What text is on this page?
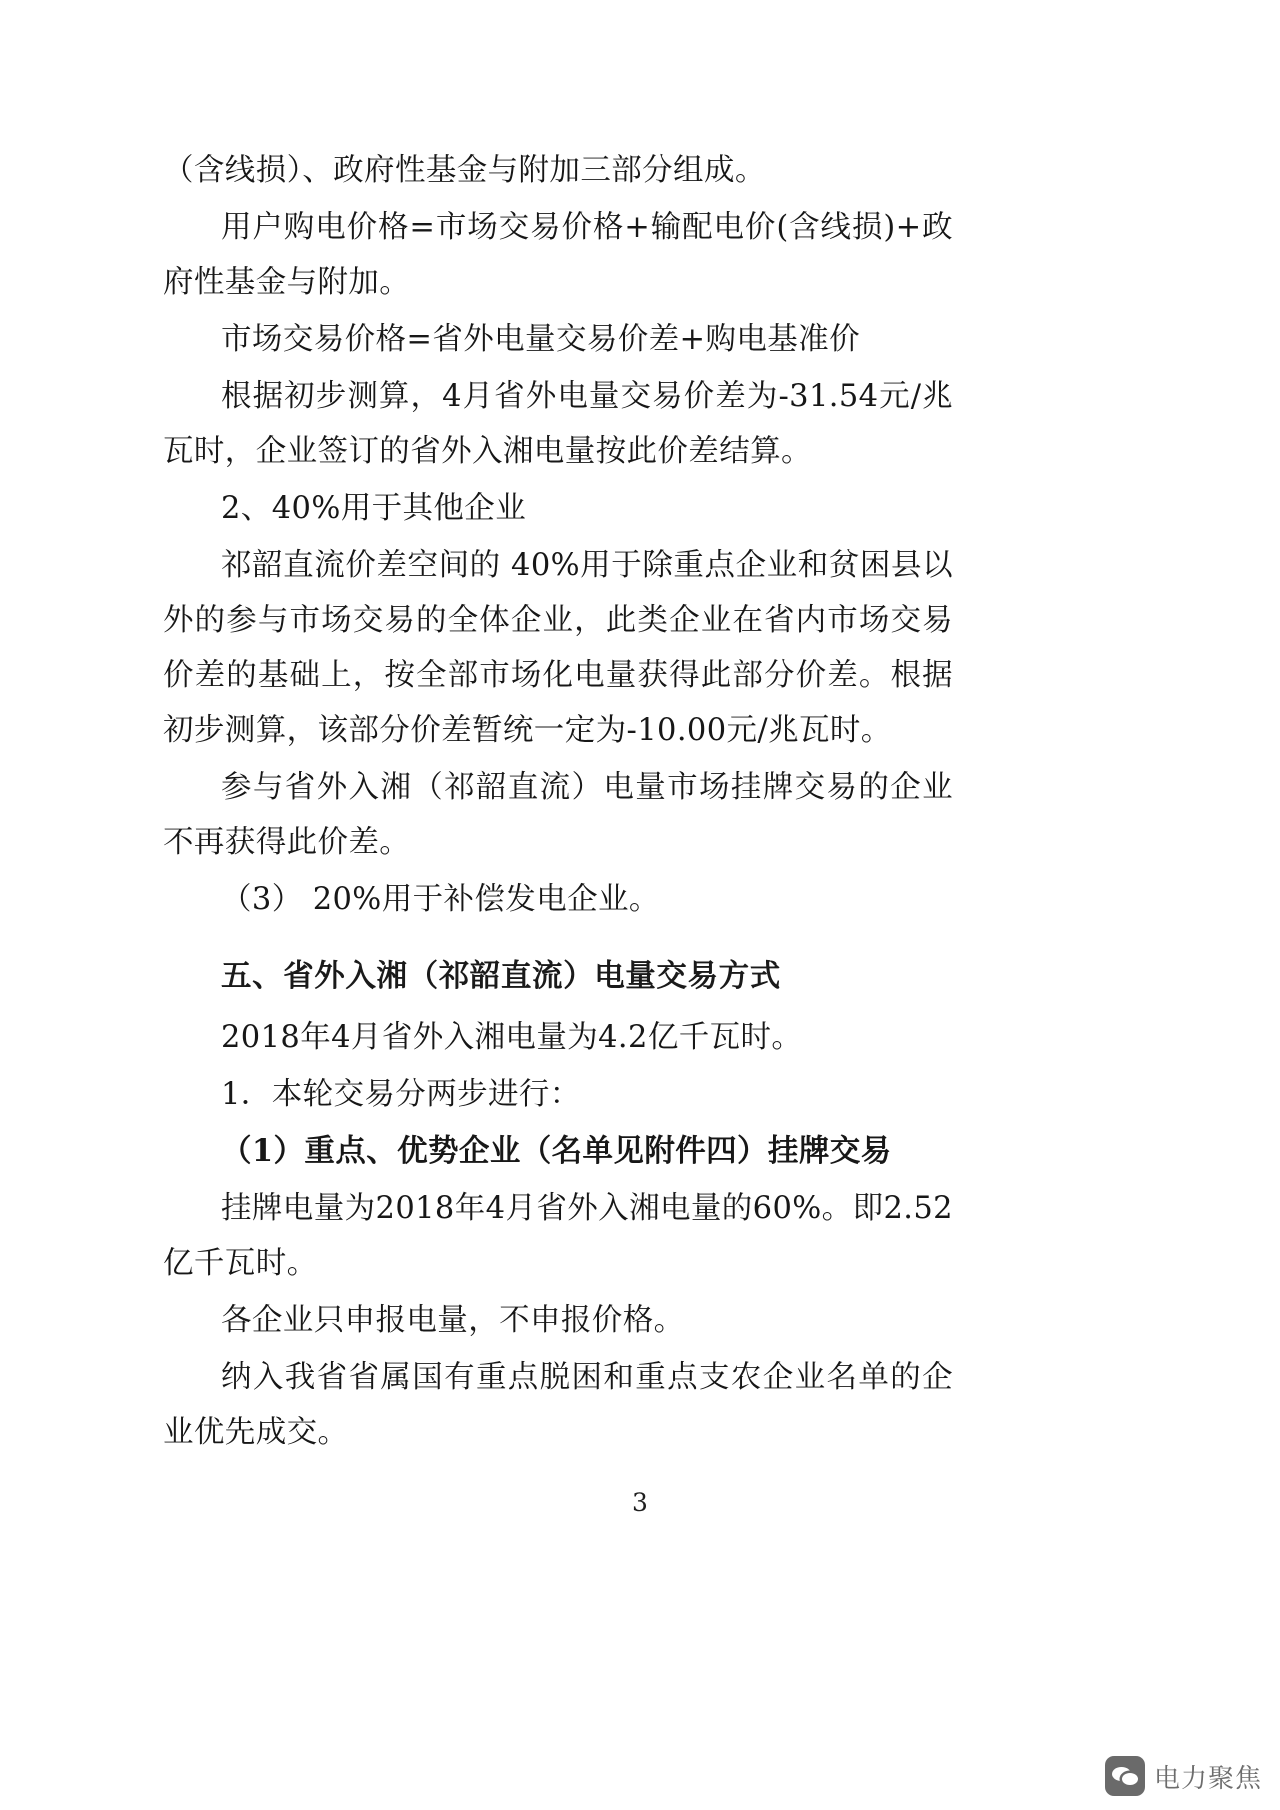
（含线损）、政府性基金与附加三部分组成。

用户购电价格=市场交易价格+输配电价(含线损)+政府性基金与附加。

市场交易价格=省外电量交易价差+购电基准价

根据初步测算，4月省外电量交易价差为-31.54元/兆瓦时，企业签订的省外入湘电量按此价差结算。

2、40%用于其他企业

祁韶直流价差空间的 40%用于除重点企业和贫困县以外的参与市场交易的全体企业，此类企业在省内市场交易价差的基础上，按全部市场化电量获得此部分价差。根据初步测算，该部分价差暂统一定为-10.00元/兆瓦时。

参与省外入湘（祁韶直流）电量市场挂牌交易的企业不再获得此价差。

（3） 20%用于补偿发电企业。

五、省外入湘（祁韶直流）电量交易方式

2018年4月省外入湘电量为4.2亿千瓦时。

1．本轮交易分两步进行：

（1）重点、优势企业（名单见附件四）挂牌交易

挂牌电量为2018年4月省外入湘电量的60%。即2.52亿千瓦时。

各企业只申报电量，不申报价格。

纳入我省省属国有重点脱困和重点支农企业名单的企业优先成交。

3
电力聚焦
